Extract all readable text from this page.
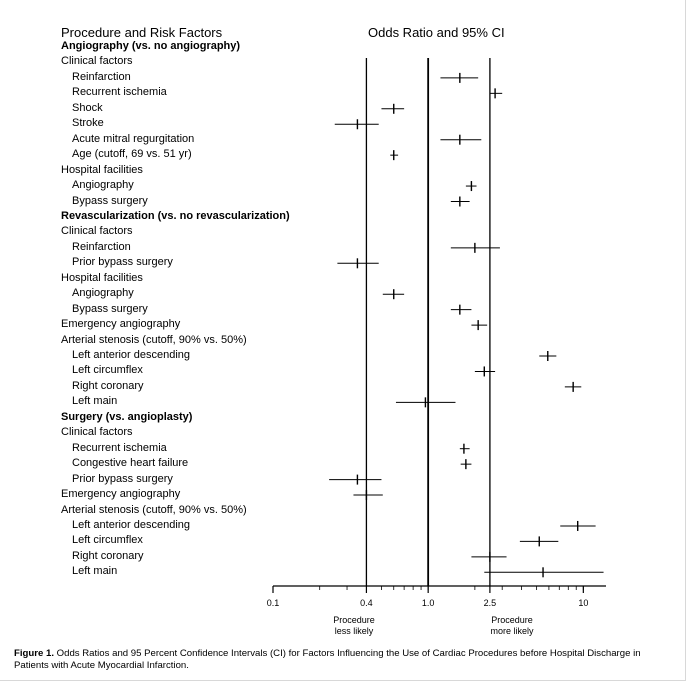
Procedure and Risk Factors	Odds Ratio and 95% CI
Angiography (vs. no angiography)
Clinical factors
Reinfarction
Recurrent ischemia
Shock
Stroke
Acute mitral regurgitation
Age (cutoff, 69 vs. 51 yr)
Hospital facilities
Angiography
Bypass surgery
Revascularization (vs. no revascularization)
Clinical factors
Reinfarction
Prior bypass surgery
Hospital facilities
Angiography
Bypass surgery
Emergency angiography
Arterial stenosis (cutoff, 90% vs. 50%)
Left anterior descending
Left circumflex
Right coronary
Left main
Surgery (vs. angioplasty)
Clinical factors
Recurrent ischemia
Congestive heart failure
Prior bypass surgery
Emergency angiography
Arterial stenosis (cutoff, 90% vs. 50%)
Left anterior descending
Left circumflex
Right coronary
Left main
0.1	0.4	1.0	2.5	10
Procedure
less likely
Procedure
more likely
Figure 1. Odds Ratios and 95 Percent Confidence Intervals (CI) for Factors Influencing the Use of Cardiac Procedures before Hospital Discharge in Patients with Acute Myocardial Infarction.
